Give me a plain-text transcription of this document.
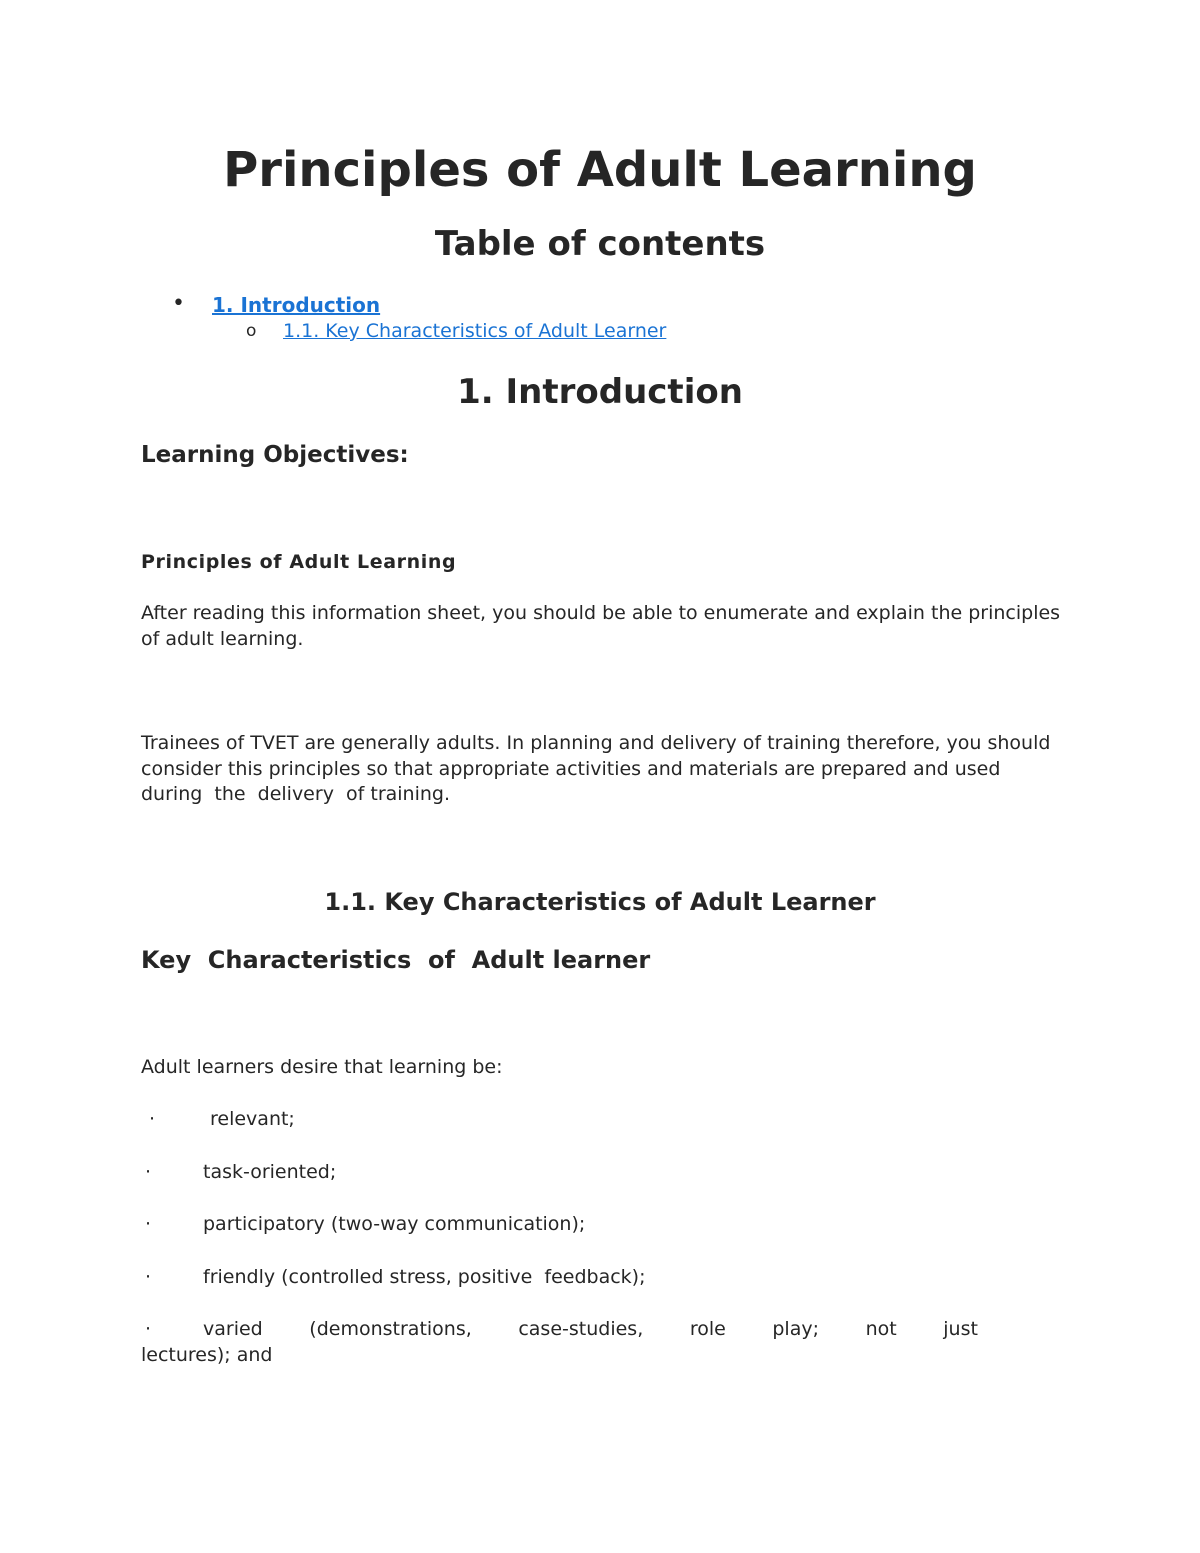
Principles of Adult Learning
Table of contents
• 1. Introduction
o 1.1. Key Characteristics of Adult Learner
1. Introduction
Learning Objectives:
Principles of Adult Learning

After reading this information sheet, you should be able to enumerate and explain the principles of adult learning.

Trainees of TVET are generally adults. In planning and delivery of training therefore, you should consider this principles so that appropriate activities and materials are prepared and used  during  the  delivery  of training.

1.1. Key Characteristics of Adult Learner
Key  Characteristics  of  Adult learner

Adult learners desire that learning be:

·	relevant;
·	task-oriented;
·	participatory (two-way communication);
·	friendly (controlled stress, positive  feedback);
·	varied (demonstrations, case-studies, role play; not just

lectures); and
